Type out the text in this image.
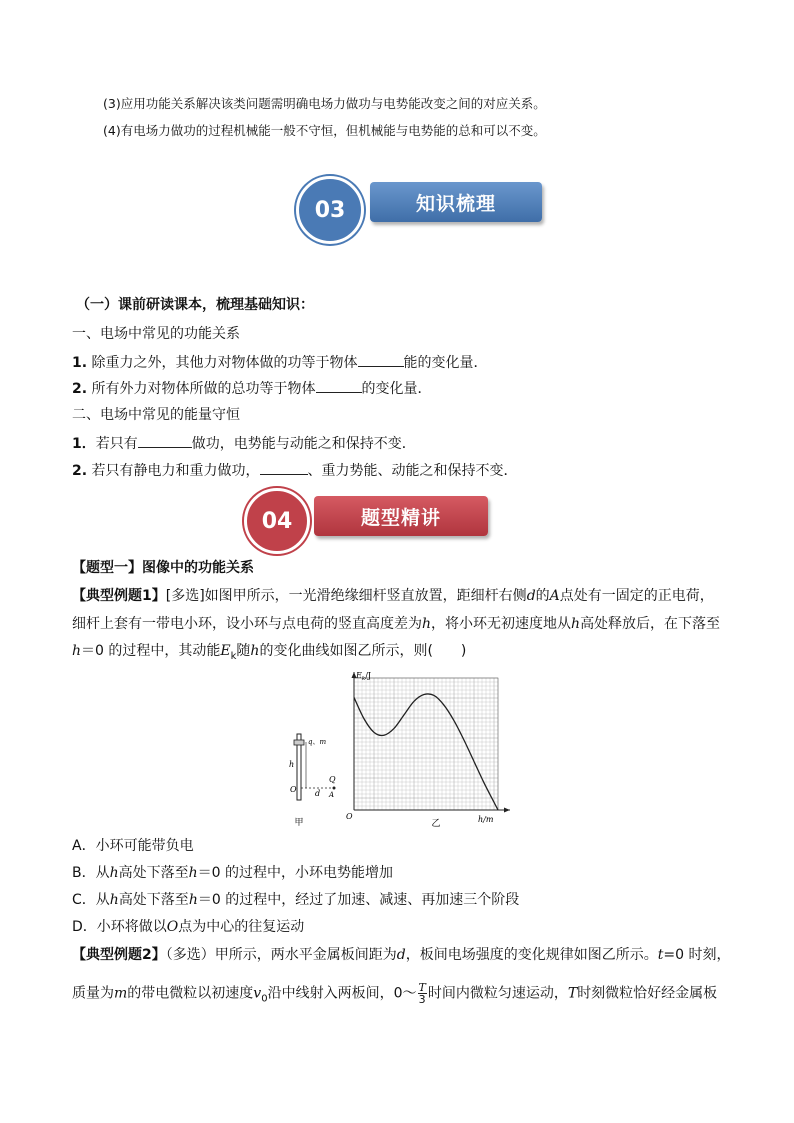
(3)应用功能关系解决该类问题需明确电场力做功与电势能改变之间的对应关系。
(4)有电场力做功的过程机械能一般不守恒，但机械能与电势能的总和可以不变。
知识梳理
03
（一）课前研读课本，梳理基础知识：
一、电场中常见的功能关系
1. 除重力之外，其他力对物体做的功等于物体	能的变化量．
2. 所有外力对物体所做的总功等于物体	的变化量．
二、电场中常见的能量守恒
1．若只有	做功，电势能与动能之和保持不变．
2. 若只有静电力和重力做功，	、重力势能、动能之和保持不变．
题型精讲
04
【题型一】图像中的功能关系
【典型例题1】[多选]如图甲所示，一光滑绝缘细杆竖直放置，距细杆右侧d的A点处有一固定的正电荷，
细杆上套有一带电小环，设小环与点电荷的竖直高度差为h，将小环无初速度地从h高处释放后，在下落至
h＝0 的过程中，其动能$E_k$随h的变化曲线如图乙所示，则(　　)
q、m
h
O d
Q
A
甲
$E_k/J$
h/m
O
乙
A．小环可能带负电
B．从h高处下落至h＝0 的过程中，小环电势能增加
C．从h高处下落至h＝0 的过程中，经过了加速、减速、再加速三个阶段
D．小环将做以O点为中心的往复运动
【典型例题2】（多选）甲所示，两水平金属板间距为d，板间电场强度的变化规律如图乙所示。t=0 时刻，
质量为m的带电微粒以初速度$v_0$沿中线射入两板间，0～ $\frac{T}{3}$ 时间内微粒匀速运动，T时刻微粒恰好经金属板
